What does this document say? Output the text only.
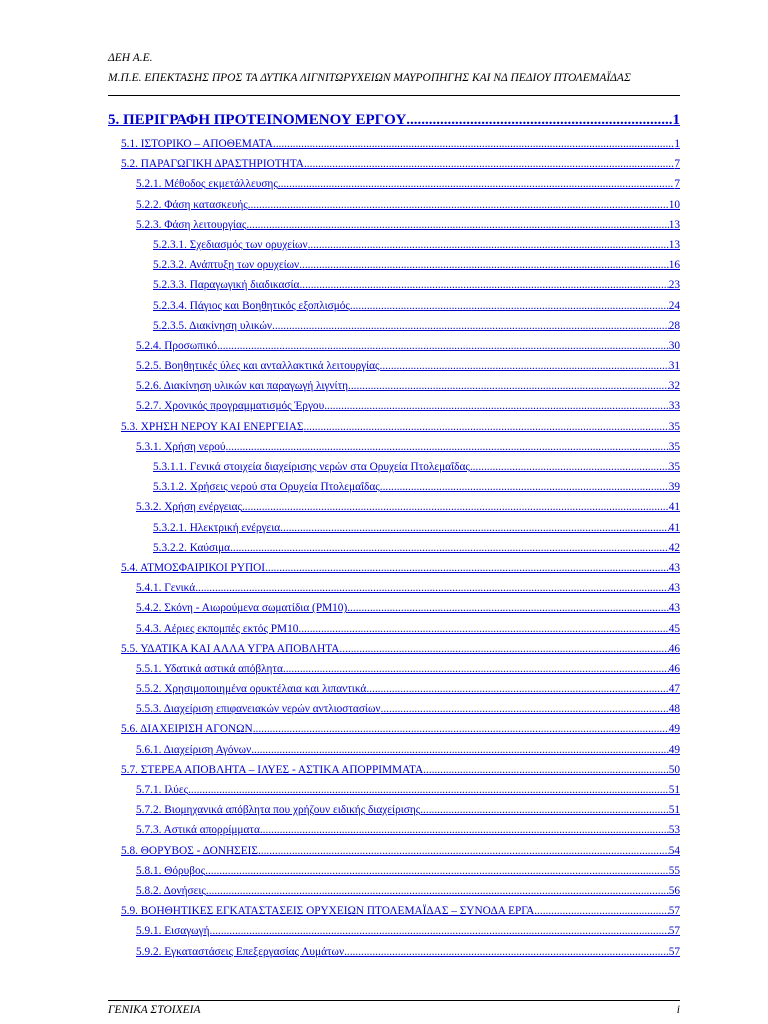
ΔΕΗ Α.Ε.
Μ.Π.Ε. ΕΠΕΚΤΑΣΗΣ ΠΡΟΣ ΤΑ ΔΥΤΙΚΑ ΛΙΓΝΙΤΩΡΥΧΕΙΩΝ ΜΑΥΡΟΠΗΓΗΣ ΚΑΙ ΝΔ ΠΕΔΙΟΥ ΠΤΟΛΕΜΑΪΔΑΣ
5. ΠΕΡΙΓΡΑΦΗ ΠΡΟΤΕΙΝΟΜΕΝΟΥ ΕΡΓΟΥ .....	1
5.1. ΙΣΤΟΡΙΚΟ – ΑΠΟΘΕΜΑΤΑ .....	1
5.2. ΠΑΡΑΓΩΓΙΚΗ ΔΡΑΣΤΗΡΙΟΤΗΤΑ .....	7
5.2.1. Μέθοδος εκμετάλλευσης .....	7
5.2.2. Φάση κατασκευής .....	10
5.2.3. Φάση λειτουργίας .....	13
5.2.3.1. Σχεδιασμός των ορυχείων .....	13
5.2.3.2. Ανάπτυξη των ορυχείων .....	16
5.2.3.3. Παραγωγική διαδικασία .....	23
5.2.3.4. Πάγιος και Βοηθητικός εξοπλισμός .....	24
5.2.3.5. Διακίνηση υλικών .....	28
5.2.4. Προσωπικό .....	30
5.2.5. Βοηθητικές ύλες και ανταλλακτικά λειτουργίας .....	31
5.2.6. Διακίνηση υλικών και παραγωγή λιγνίτη .....	32
5.2.7. Χρονικός προγραμματισμός Έργου .....	33
5.3. ΧΡΗΣΗ ΝΕΡΟΥ ΚΑΙ ΕΝΕΡΓΕΙΑΣ .....	35
5.3.1. Χρήση νερού .....	35
5.3.1.1. Γενικά στοιχεία διαχείρισης νερών στα Ορυχεία Πτολεμαΐδας .....	35
5.3.1.2. Χρήσεις νερού στα Ορυχεία Πτολεμαΐδας .....	39
5.3.2. Χρήση ενέργειας .....	41
5.3.2.1. Ηλεκτρική ενέργεια .....	41
5.3.2.2. Καύσιμα .....	42
5.4. ΑΤΜΟΣΦΑΙΡΙΚΟΙ ΡΥΠΟΙ .....	43
5.4.1. Γενικά .....	43
5.4.2. Σκόνη - Αιωρούμενα σωματίδια (PM10) .....	43
5.4.3. Αέριες εκπομπές εκτός PM10 .....	45
5.5. ΥΔΑΤΙΚΑ ΚΑΙ ΑΛΛΑ ΥΓΡΑ ΑΠΟΒΛΗΤΑ .....	46
5.5.1. Υδατικά αστικά απόβλητα .....	46
5.5.2. Χρησιμοποιημένα ορυκτέλαια και λιπαντικά .....	47
5.5.3. Διαχείριση επιφανειακών νερών αντλιοστασίων .....	48
5.6. ΔΙΑΧΕΙΡΙΣΗ ΑΓΟΝΩΝ .....	49
5.6.1. Διαχείριση Αγόνων .....	49
5.7. ΣΤΕΡΕΑ ΑΠΟΒΛΗΤΑ – ΙΛΥΕΣ - ΑΣΤΙΚΑ ΑΠΟΡΡΙΜΜΑΤΑ .....	50
5.7.1. Ιλύες .....	51
5.7.2. Βιομηχανικά απόβλητα που χρήζουν ειδικής διαχείρισης .....	51
5.7.3. Αστικά απορρίμματα .....	53
5.8. ΘΟΡΥΒΟΣ - ΔΟΝΗΣΕΙΣ .....	54
5.8.1. Θόρυβος .....	55
5.8.2. Δονήσεις .....	56
5.9. ΒΟΗΘΗΤΙΚΕΣ ΕΓΚΑΤΑΣΤΑΣΕΙΣ ΟΡΥΧΕΙΩΝ ΠΤΟΛΕΜΑΪΔΑΣ – ΣΥΝΟΔΑ ΕΡΓΑ .....	57
5.9.1. Εισαγωγή .....	57
5.9.2. Εγκαταστάσεις Επεξεργασίας Λυμάτων .....	57
ΓΕΝΙΚΑ ΣΤΟΙΧΕΙΑ	i
